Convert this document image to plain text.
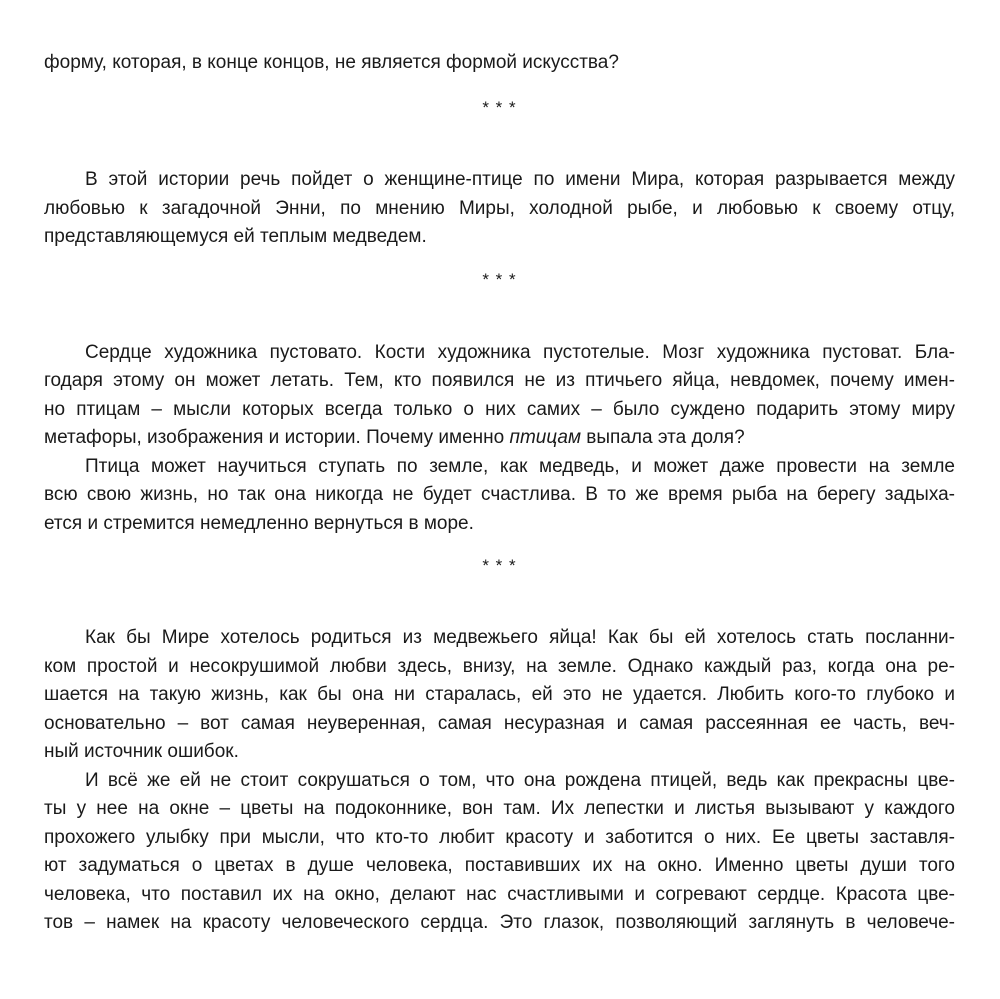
форму, которая, в конце концов, не является формой искусства?
* * *
В этой истории речь пойдет о женщине-птице по имени Мира, которая разрывается между
любовью к загадочной Энни, по мнению Миры, холодной рыбе, и любовью к своему отцу,
представляющемуся ей теплым медведем.
* * *
Сердце художника пустовато. Кости художника пустотелые. Мозг художника пустоват. Бла-
годаря этому он может летать. Тем, кто появился не из птичьего яйца, невдомек, почему имен-
но птицам – мысли которых всегда только о них самих – было суждено подарить этому миру
метафоры, изображения и истории. Почему именно птицам выпала эта доля?
Птица может научиться ступать по земле, как медведь, и может даже провести на земле
всю свою жизнь, но так она никогда не будет счастлива. В то же время рыба на берегу задыха-
ется и стремится немедленно вернуться в море.
* * *
Как бы Мире хотелось родиться из медвежьего яйца! Как бы ей хотелось стать посланни-
ком простой и несокрушимой любви здесь, внизу, на земле. Однако каждый раз, когда она ре-
шается на такую жизнь, как бы она ни старалась, ей это не удается. Любить кого-то глубоко и
основательно – вот самая неуверенная, самая несуразная и самая рассеянная ее часть, веч-
ный источник ошибок.
И всё же ей не стоит сокрушаться о том, что она рождена птицей, ведь как прекрасны цве-
ты у нее на окне – цветы на подоконнике, вон там. Их лепестки и листья вызывают у каждого
прохожего улыбку при мысли, что кто-то любит красоту и заботится о них. Ее цветы заставля-
ют задуматься о цветах в душе человека, поставивших их на окно. Именно цветы души того
человека, что поставил их на окно, делают нас счастливыми и согревают сердце. Красота цве-
тов – намек на красоту человеческого сердца. Это глазок, позволяющий заглянуть в человече-
